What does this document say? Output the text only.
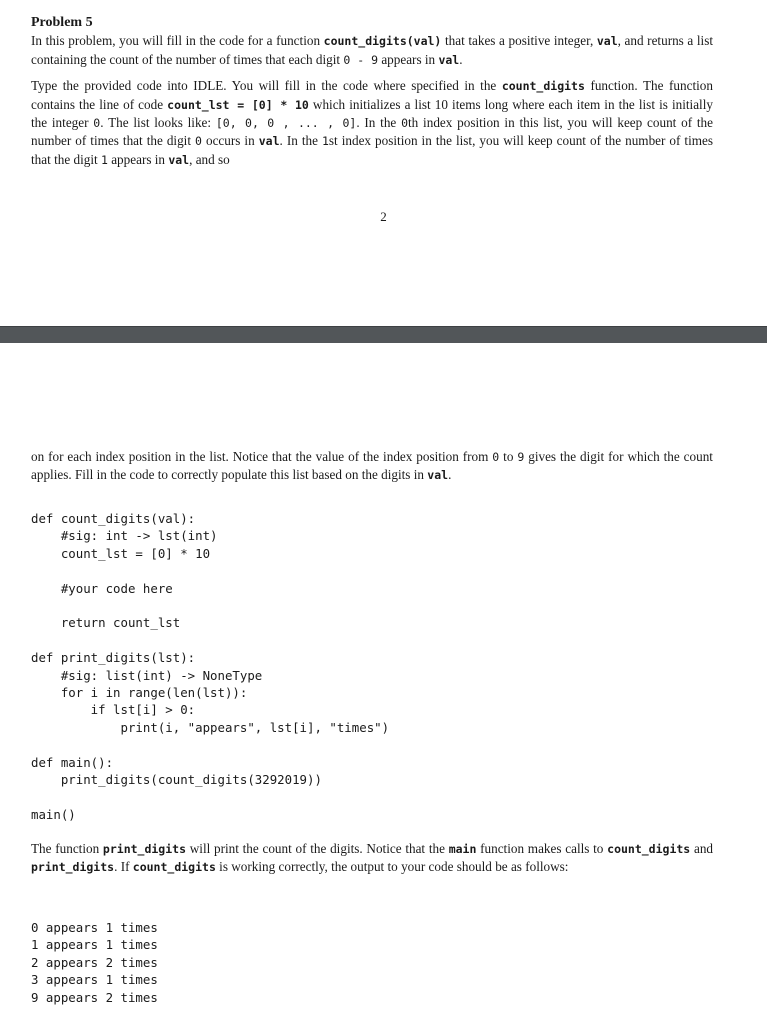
Problem 5

In this problem, you will fill in the code for a function count_digits(val) that takes a positive integer, val, and returns a list containing the count of the number of times that each digit 0 - 9 appears in val.

Type the provided code into IDLE. You will fill in the code where specified in the count_digits function. The function contains the line of code count_lst = [0] * 10 which initializes a list 10 items long where each item in the list is initially the integer 0. The list looks like: [0, 0, 0 , ... , 0]. In the 0th index position in this list, you will keep count of the number of times that the digit 0 occurs in val. In the 1st index position in the list, you will keep count of the number of times that the digit 1 appears in val, and so

2

on for each index position in the list. Notice that the value of the index position from 0 to 9 gives the digit for which the count applies. Fill in the code to correctly populate this list based on the digits in val.

def count_digits(val):
#sig: int -> lst(int)
count_lst = [0] * 10

#your code here

return count_lst

def print_digits(lst):
#sig: list(int) -> NoneType
for i in range(len(lst)):
if lst[i] > 0:
print(i, "appears", lst[i], "times")

def main():
print_digits(count_digits(3292019))

main()

The function print_digits will print the count of the digits. Notice that the main function makes calls to count_digits and print_digits. If count_digits is working correctly, the output to your code should be as follows:

0 appears 1 times
1 appears 1 times
2 appears 2 times
3 appears 1 times
9 appears 2 times
